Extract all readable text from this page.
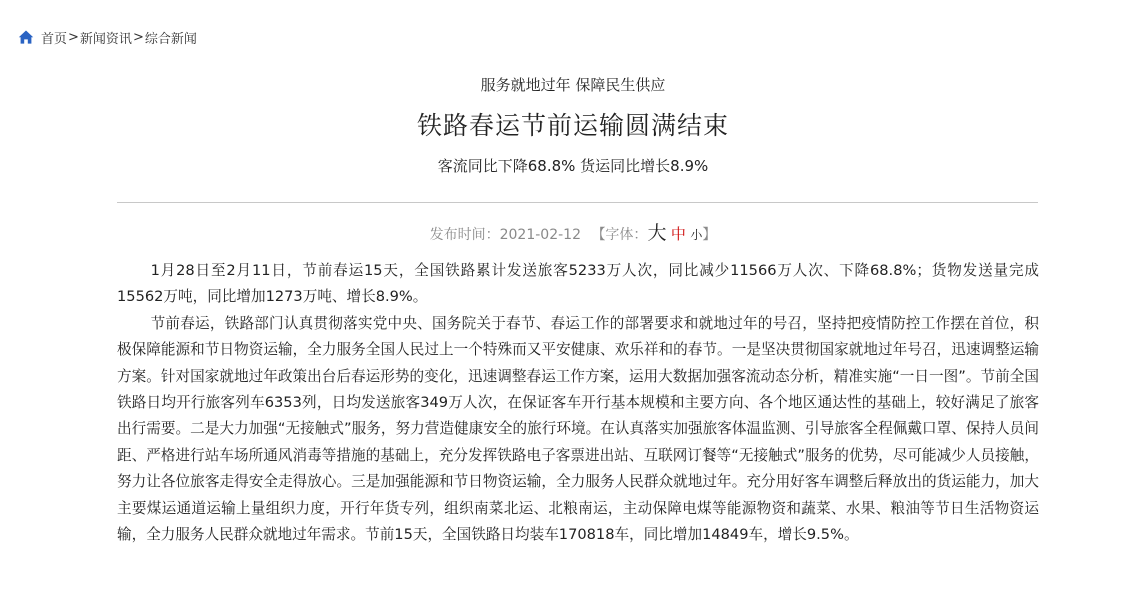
首页 > 新闻资讯 > 综合新闻
服务就地过年 保障民生供应
铁路春运节前运输圆满结束
客流同比下降68.8% 货运同比增长8.9%
发布时间：2021-02-12 【字体：大 中 小】

1月28日至2月11日，节前春运15天，全国铁路累计发送旅客5233万人次，同比减少11566万人次、下降68.8%；货物发送量完成15562万吨，同比增加1273万吨、增长8.9%。

节前春运，铁路部门认真贯彻落实党中央、国务院关于春节、春运工作的部署要求和就地过年的号召，坚持把疫情防控工作摆在首位，积极保障能源和节日物资运输，全力服务全国人民过上一个特殊而又平安健康、欢乐祥和的春节。一是坚决贯彻国家就地过年号召，迅速调整运输方案。针对国家就地过年政策出台后春运形势的变化，迅速调整春运工作方案，运用大数据加强客流动态分析，精准实施“一日一图”。节前全国铁路日均开行旅客列车6353列，日均发送旅客349万人次，在保证客车开行基本规模和主要方向、各个地区通达性的基础上，较好满足了旅客出行需要。二是大力加强“无接触式”服务，努力营造健康安全的旅行环境。在认真落实加强旅客体温监测、引导旅客全程佩戴口罩、保持人员间距、严格进行站车场所通风消毒等措施的基础上，充分发挥铁路电子客票进出站、互联网订餐等“无接触式”服务的优势，尽可能减少人员接触，努力让各位旅客走得安全走得放心。三是加强能源和节日物资运输，全力服务人民群众就地过年。充分用好客车调整后释放出的货运能力，加大主要煤运通道运输上量组织力度，开行年货专列，组织南菜北运、北粮南运，主动保障电煤等能源物资和蔬菜、水果、粮油等节日生活物资运输，全力服务人民群众就地过年需求。节前15天，全国铁路日均装车170818车，同比增加14849车，增长9.5%。
